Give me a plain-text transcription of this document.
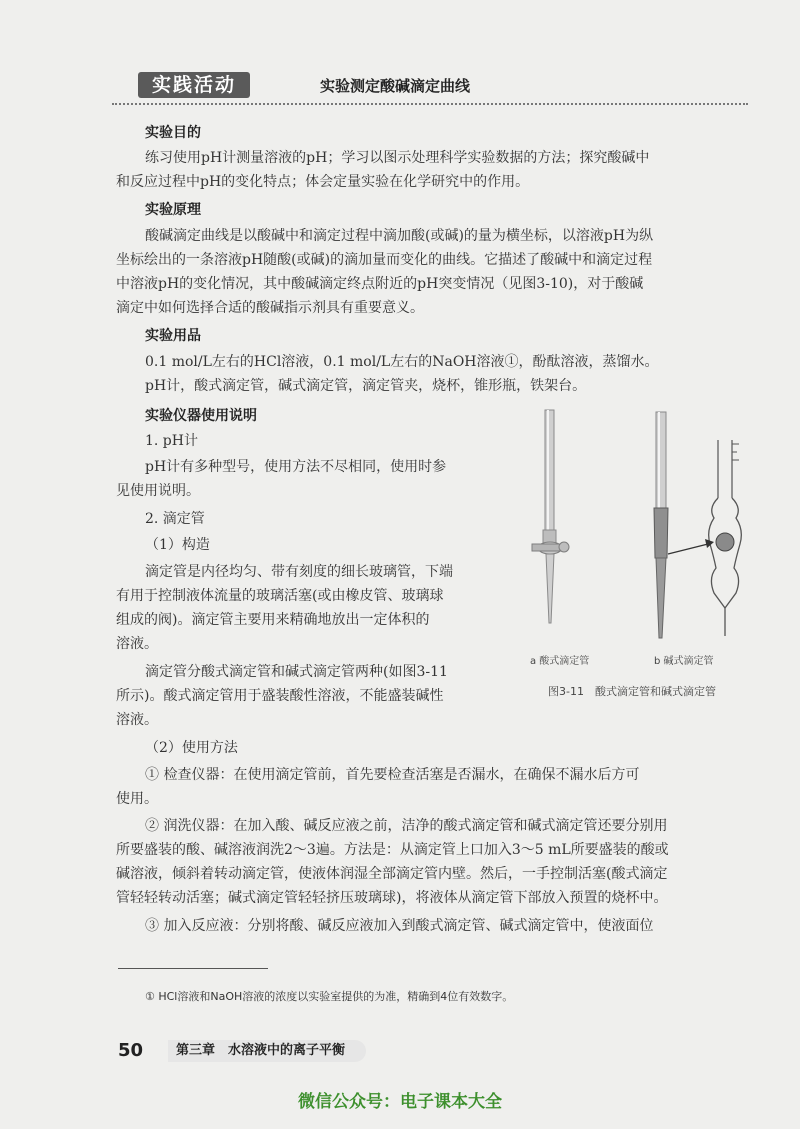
实践活动	实验测定酸碱滴定曲线
实验目的
练习使用pH计测量溶液的pH；学习以图示处理科学实验数据的方法；探究酸碱中
和反应过程中pH的变化特点；体会定量实验在化学研究中的作用。
实验原理
酸碱滴定曲线是以酸碱中和滴定过程中滴加酸(或碱)的量为横坐标，以溶液pH为纵
坐标绘出的一条溶液pH随酸(或碱)的滴加量而变化的曲线。它描述了酸碱中和滴定过程
中溶液pH的变化情况，其中酸碱滴定终点附近的pH突变情况（见图3-10)，对于酸碱
滴定中如何选择合适的酸碱指示剂具有重要意义。
实验用品
0.1 mol/L左右的HCl溶液，0.1 mol/L左右的NaOH溶液①，酚酞溶液，蒸馏水。
pH计，酸式滴定管，碱式滴定管，滴定管夹，烧杯，锥形瓶，铁架台。
实验仪器使用说明
1. pH计
pH计有多种型号，使用方法不尽相同，使用时参
见使用说明。
2. 滴定管
（1）构造
滴定管是内径均匀、带有刻度的细长玻璃管，下端
有用于控制液体流量的玻璃活塞(或由橡皮管、玻璃球
组成的阀)。滴定管主要用来精确地放出一定体积的
溶液。
滴定管分酸式滴定管和碱式滴定管两种(如图3-11
所示)。酸式滴定管用于盛装酸性溶液，不能盛装碱性
溶液。
（2）使用方法
① 检查仪器：在使用滴定管前，首先要检查活塞是否漏水，在确保不漏水后方可
使用。
② 润洗仪器：在加入酸、碱反应液之前，洁净的酸式滴定管和碱式滴定管还要分别用
所要盛装的酸、碱溶液润洗2～3遍。方法是：从滴定管上口加入3～5 mL所要盛装的酸或
碱溶液，倾斜着转动滴定管，使液体润湿全部滴定管内壁。然后，一手控制活塞(酸式滴定
管轻轻转动活塞；碱式滴定管轻轻挤压玻璃球)，将液体从滴定管下部放入预置的烧杯中。
③ 加入反应液：分别将酸、碱反应液加入到酸式滴定管、碱式滴定管中，使液面位
a 酸式滴定管	b 碱式滴定管
图3-11　酸式滴定管和碱式滴定管
① HCl溶液和NaOH溶液的浓度以实验室提供的为准，精确到4位有效数字。
50	第三章　水溶液中的离子平衡
微信公众号：电子课本大全
